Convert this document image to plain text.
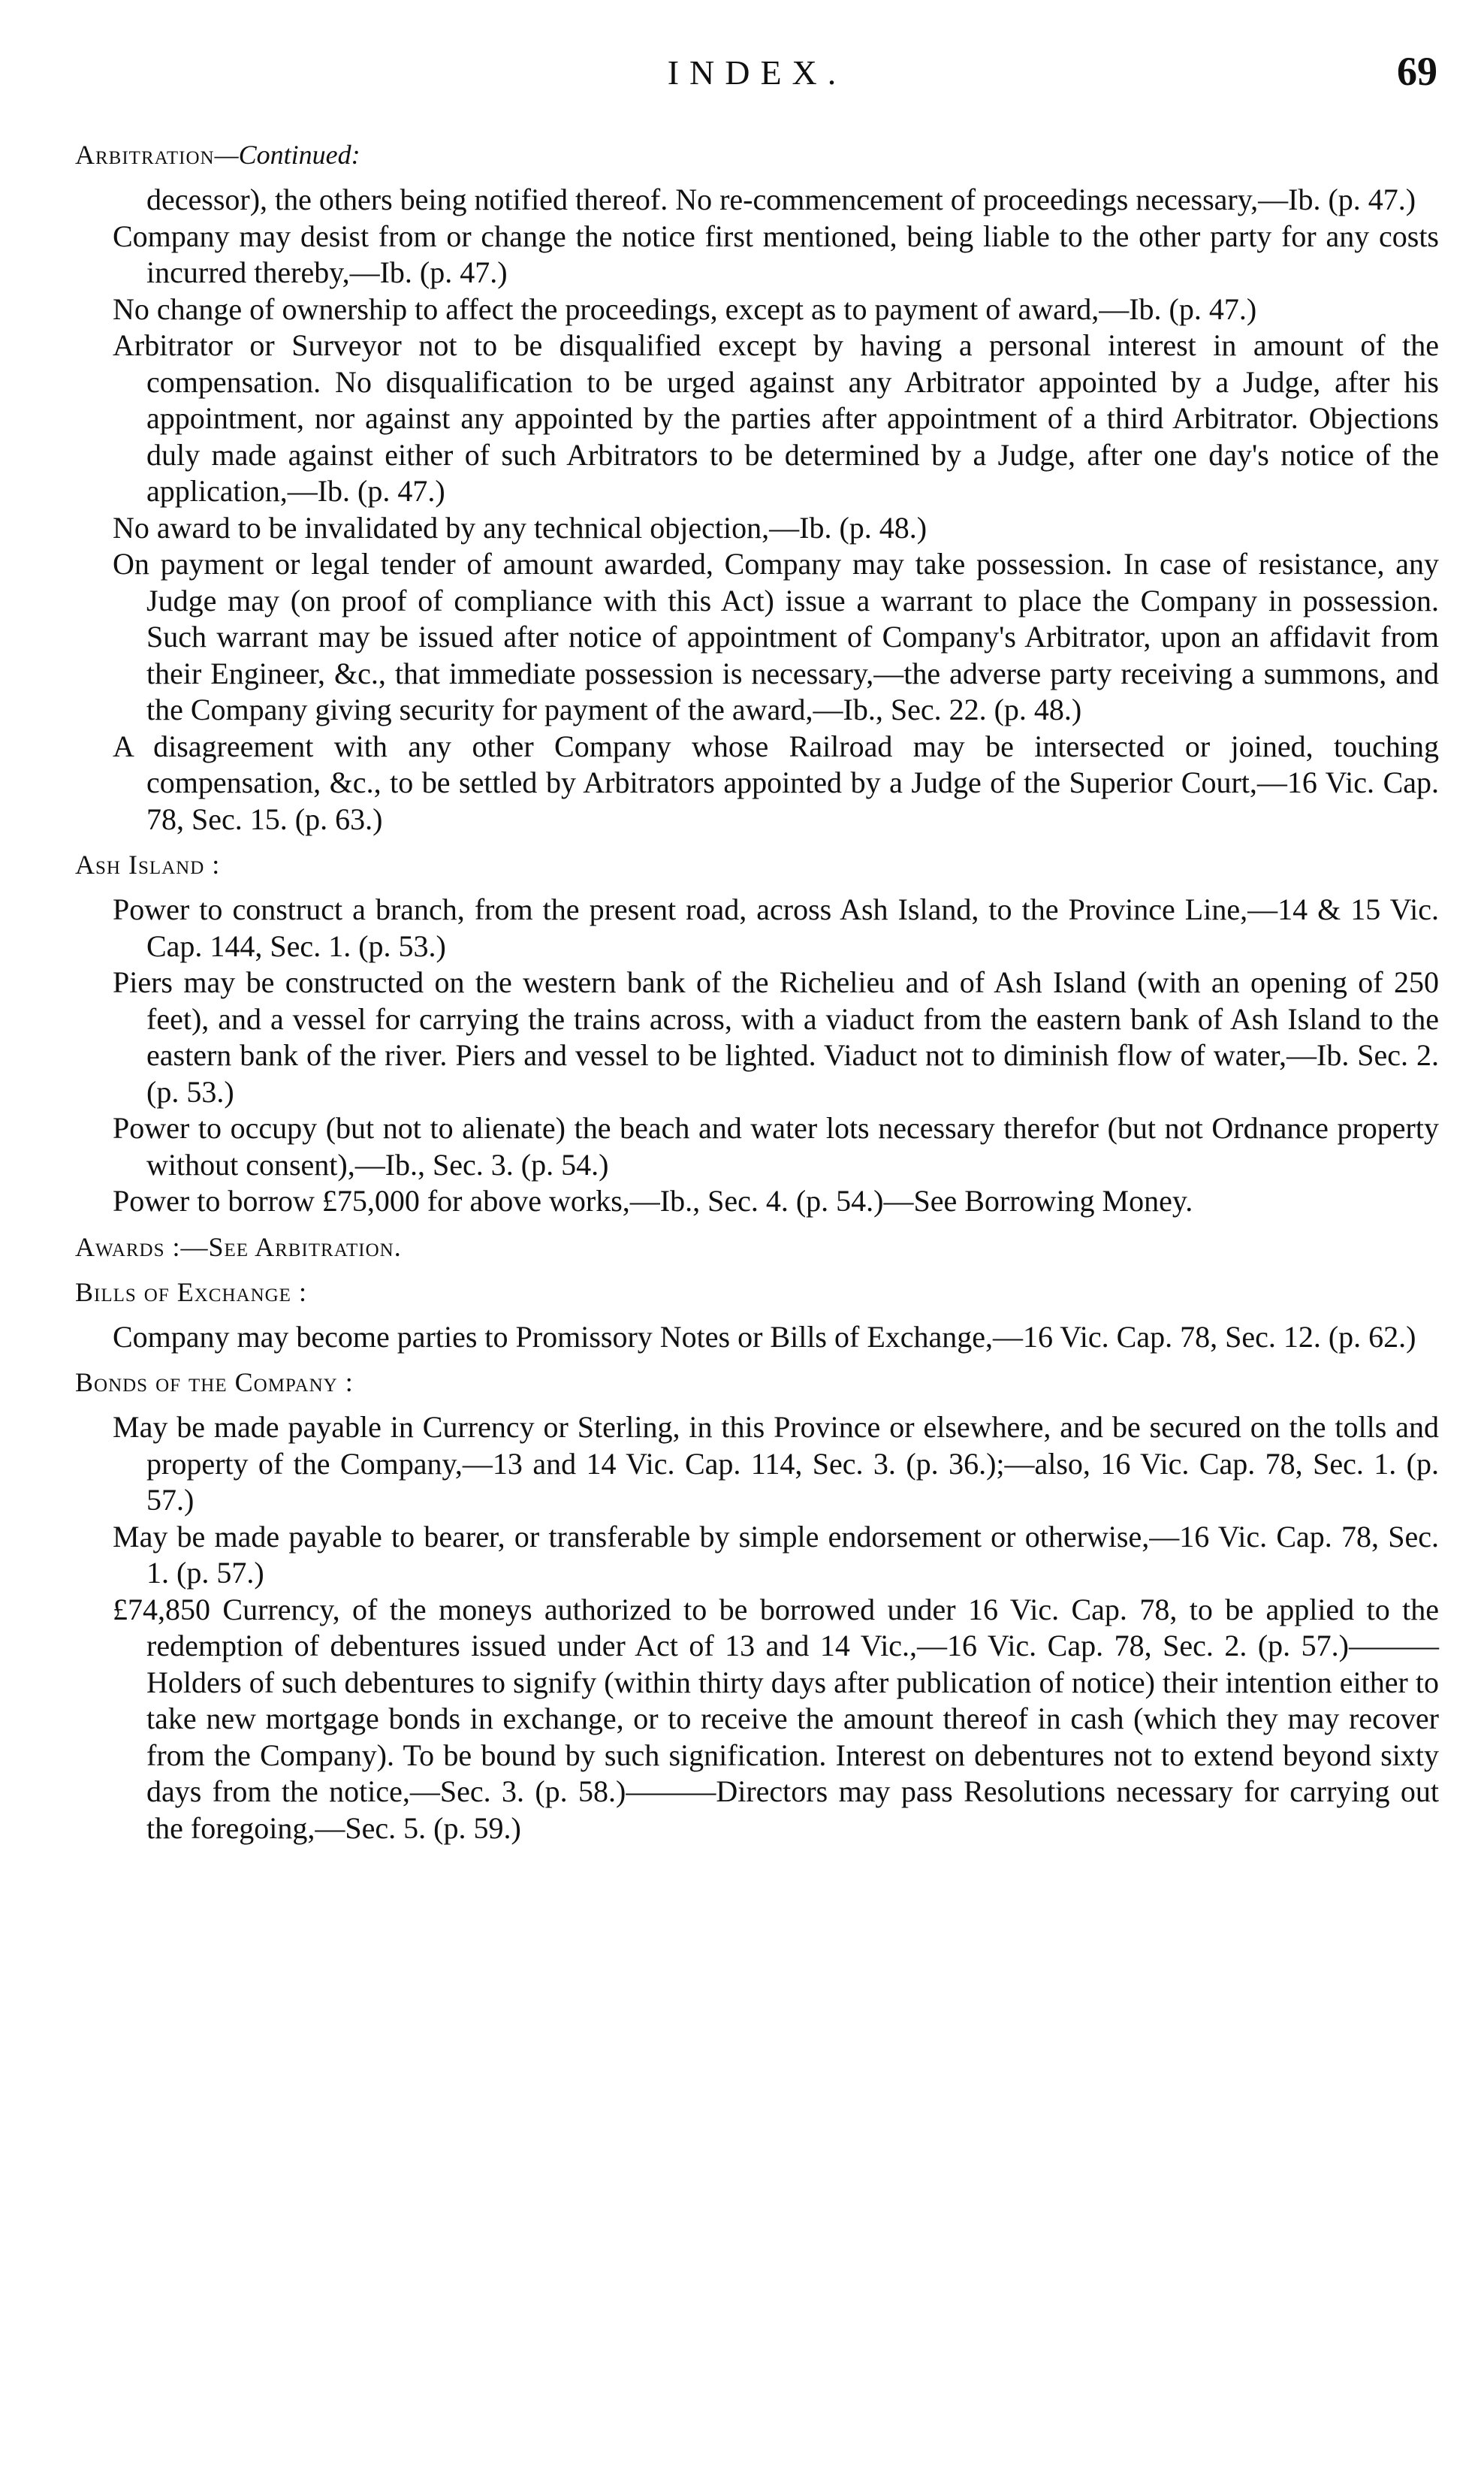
INDEX.	69
Arbitration—Continued:

decessor), the others being notified thereof. No re-commencement of proceedings necessary,—Ib. (p. 47.)

Company may desist from or change the notice first mentioned, being liable to the other party for any costs incurred thereby,—Ib. (p. 47.)

No change of ownership to affect the proceedings, except as to payment of award,—Ib. (p. 47.)

Arbitrator or Surveyor not to be disqualified except by having a personal interest in amount of the compensation. No disqualification to be urged against any Arbitrator appointed by a Judge, after his appointment, nor against any appointed by the parties after appointment of a third Arbitrator. Objections duly made against either of such Arbitrators to be determined by a Judge, after one day's notice of the application,—Ib. (p. 47.)

No award to be invalidated by any technical objection,—Ib. (p. 48.)

On payment or legal tender of amount awarded, Company may take possession. In case of resistance, any Judge may (on proof of compliance with this Act) issue a warrant to place the Company in possession. Such warrant may be issued after notice of appointment of Company's Arbitrator, upon an affidavit from their Engineer, &c., that immediate possession is necessary,—the adverse party receiving a summons, and the Company giving security for payment of the award,—Ib., Sec. 22. (p. 48.)

A disagreement with any other Company whose Railroad may be intersected or joined, touching compensation, &c., to be settled by Arbitrators appointed by a Judge of the Superior Court,—16 Vic. Cap. 78, Sec. 15. (p. 63.)

Ash Island :

Power to construct a branch, from the present road, across Ash Island, to the Province Line,—14 & 15 Vic. Cap. 144, Sec. 1. (p. 53.)

Piers may be constructed on the western bank of the Richelieu and of Ash Island (with an opening of 250 feet), and a vessel for carrying the trains across, with a viaduct from the eastern bank of Ash Island to the eastern bank of the river. Piers and vessel to be lighted. Viaduct not to diminish flow of water,—Ib. Sec. 2. (p. 53.)

Power to occupy (but not to alienate) the beach and water lots necessary therefor (but not Ordnance property without consent),—Ib., Sec. 3. (p. 54.)

Power to borrow £75,000 for above works,—Ib., Sec. 4. (p. 54.)—See Borrowing Money.

Awards :—See Arbitration.
Bills of Exchange :

Company may become parties to Promissory Notes or Bills of Exchange,—16 Vic. Cap. 78, Sec. 12. (p. 62.)

Bonds of the Company :

May be made payable in Currency or Sterling, in this Province or elsewhere, and be secured on the tolls and property of the Company,—13 and 14 Vic. Cap. 114, Sec. 3. (p. 36.);—also, 16 Vic. Cap. 78, Sec. 1. (p. 57.)

May be made payable to bearer, or transferable by simple endorsement or otherwise,—16 Vic. Cap. 78, Sec. 1. (p. 57.)

£74,850 Currency, of the moneys authorized to be borrowed under 16 Vic. Cap. 78, to be applied to the redemption of debentures issued under Act of 13 and 14 Vic.,—16 Vic. Cap. 78, Sec. 2. (p. 57.)———Holders of such debentures to signify (within thirty days after publication of notice) their intention either to take new mortgage bonds in exchange, or to receive the amount thereof in cash (which they may recover from the Company). To be bound by such signification. Interest on debentures not to extend beyond sixty days from the notice,—Sec. 3. (p. 58.)———Directors may pass Resolutions necessary for carrying out the foregoing,—Sec. 5. (p. 59.)
